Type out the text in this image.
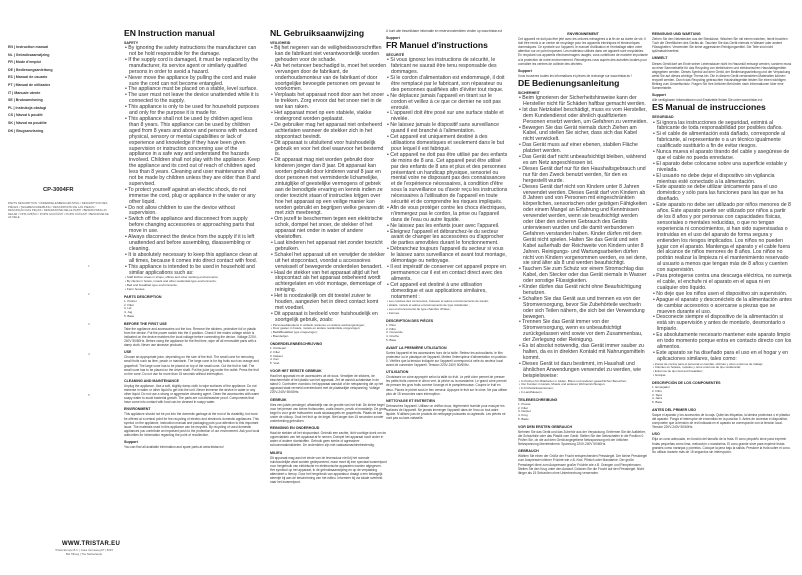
EN | Instruction manual
NL | Gebruiksaanwijzing
FR | Mode d'emploi
DE | Bedienungsanleitung
ES | Manual de usuario
PT | Manual de utilizador
IT | Manuale utente
SE | Bruksanvisning
PL | Instrukcja obsługi
CS | Návod k použití
SK | Návod na použitie
DK | Brugsanvisning
CP-3004FR
PARTS DESCRIPTION / ONDERDELENBESCHRIJVING / DESCRIPTION DES PIÈCES / TEILEBESCHREIBUNG / DESCRIPCIÓN DE LAS PIEZAS / DESCRIÇÃO DAS PEÇAS / DESCRIZIONE DELLE PARTI / BESKRIVNING AV DELAR / OPIS CZĘŚCI / POPIS SOUČÁSTÍ / POPIS SÚČASTÍ / BESKRIVELSE AF DELE
1
2
3
4
5
WWW.TRISTAR.EU
Tristar Europe B.V. | Jules Verneweg 87 | 5015 BH Tilburg | The Netherlands
EN Instruction manual
SAFETY

• By ignoring the safety instructions the manufacturer can not be hold responsible for the damage.

• If the supply cord is damaged, it must be replaced by the manufacturer, its service agent or similarly qualified persons in order to avoid a hazard.

• Never move the appliance by pulling the cord and make sure the cord can not become entangled.

• The appliance must be placed on a stable, level surface.

• The user must not leave the device unattended while it is connected to the supply.

• This appliance is only to be used for household purposes and only for the purpose it is made for.

• This appliance shall not be used by children aged less than 8 years. This appliance can be used by children aged from 8 years and above and persons with reduced physical, sensory or mental capabilities or lack of experience and knowledge if they have been given supervision or instruction concerning use of the appliance in a safe way and understand the hazards involved. Children shall not play with the appliance. Keep the appliance and its cord out of reach of children aged less than 8 years. Cleaning and user maintenance shall not be made by children unless they are older than 8 and supervised.

• To protect yourself against an electric shock, do not immerse the cord, plug or appliance in the water or any other liquid.

• Do not allow children to use the device without supervision.

• Switch off the appliance and disconnect from supply before changing accessories or approaching parts that move in use.

• Always disconnect the device from the supply if it is left unattended and before assembling, disassembling or cleaning.

• It is absolutely necessary to keep this appliance clean at all times, because it comes into direct contact with food.

• This appliance is intended to be used in household and similar applications such as:

• Staff kitchen areas in shops, offices and other working environments;

• By clients in hotels, motels and other residential type environments;

• Bed and breakfast type environments;

• Farm houses.

PARTS DESCRIPTION
1. Pusher
2. Filter
3. Lid
4. Jug
5. Base
BEFORE THE FIRST USE

Take the appliance and accessories out the box. Remove the stickers, protective foil or plastic from the device. Put the power switch into the 0 position. Check if the mains voltage which is indicated on the device matches the local voltage before connecting the device. Voltage 220V-240V 50/60Hz. Before using the appliance for the first time, wipe off all removable parts with a damp cloth. Never use abrasive products.

USE

Choose an appropriate juice, depending on the size of the fruit. The small cone for removing small fruits such as lime, peach or mandarin. The large cone is for big fruits such as orange and grapefruit. The large cone has to be placed on top of the small cone. Cut the fruit in half. The small cone has to be placed on the driver shaft. Put the juice jug under the outlet. Press the fruit on the cone. Do not use for more than 15 seconds without interruption.

CLEANING AND MAINTENANCE

Unplug the appliance. Use a soft, slightly damp cloth to wipe surfaces of the appliance. Do not immerse in water or other liquid to get into the unit. Never immerse the device in water or any other liquid. Do not use a strong or aggressive cleaning agent. Clean the accessories with warm soapy water to avoid bacterial growth. The parts are not dishwasher proof. Components that have come into contact with food can be cleaned in soapy water.

ENVIRONMENT

This appliance should not be put into the domestic garbage at the end of its durability, but must be offered at a central point for the recycling of electric and electronic domestic appliances. This symbol on the appliance, instruction manual and packaging puts your attention to this important issue. The materials used in this appliance can be recycled. By recycling of used domestic appliances you contribute an important push to the protection of our environment. Ask your local authorities for information regarding the point of recollection.

Support

You can find all available information and spare parts at www.tristar.eu!

NL Gebruiksaanwijzing
VEILIGHEID

• Bij het negeren van de veiligheidsvoorschriften kan de fabrikant niet verantwoordelijk worden gehouden voor de schade.

• Als het netsnoer beschadigd is, moet het worden vervangen door de fabrikant, de onderhoudsmonteur van de fabrikant of door soortgelijke bevoegde personen om gevaar te voorkomen.

• Verplaats het apparaat nooit door aan het snoer te trekken. Zorg ervoor dat het snoer niet in de war kan raken.

• Het apparaat moet op een stabiele, vlakke ondergrond worden geplaatst.

• De gebruiker mag het apparaat niet onbeheerd achterlaten wanneer de stekker zich in het stopcontact bevindt.

• Dit apparaat is uitsluitend voor huishoudelijk gebruik en voor het doel waarvoor het bestemd is.

• Dit apparaat mag niet worden gebruikt door kinderen jonger dan 8 jaar. Dit apparaat kan worden gebruikt door kinderen vanaf 8 jaar en door personen met verminderde lichamelijke, zintuiglijke of geestelijke vermogens of gebrek aan de benodigde ervaring en kennis indien ze onder toezicht staan of instructies krijgen over hoe het apparaat op een veilige manier kan worden gebruikt en begrijpen welke gevaren dit met zich meebrengt.

• Om jezelf te beschermen tegen een elektrische schok, dompel het snoer, de stekker of het apparaat niet onder in water of andere vloeistoffen.

• Laat kinderen het apparaat niet zonder toezicht gebruiken.

• Schakel het apparaat uit en verwijder de stekker uit het stopcontact, voordat u accessoires verwisselt of bewegende onderdelen benadert.

• Haal de stekker van het apparaat altijd uit het stopcontact als het apparaat onbeheerd wordt achtergelaten en vóór montage, demontage of reiniging.

• Het is noodzakelijk om dit toestel zuiver te houden, aangezien het in direct contact komt met voedsel.

• Dit apparaat is bedoeld voor huishoudelijk en soortgelijk gebruik, zoals:

• Personeelskeukens in winkels, kantoren en andere werkomgevingen;

• Door gasten in hotels, motels en andere residentiële omgevingen;

• Bed&Breakfast type omgevingen;

• Boerderijen.

ONDERDELENBESCHRIJVING
1. Perslepel
2. Filter
3. Deksel
4. Kan
5. Voet
VOOR HET EERSTE GEBRUIK

Haal het apparaat en de accessoires uit de doos. Verwijder de stickers, de beschermfolie of het plastic van het apparaat. Zet de aan/uit-schakelaar in de stand 0. Controleer voordat u het apparaat aansluit of de netspanning die op het apparaat staat vermeld overeenkomt met de plaatselijke netspanning. Voltage 220V-240V 50/60Hz.

GEBRUIK

Kies een juiste perskegel, afhankelijk van de grootte van het fruit. De kleine kegel voor het persen van kleine fruitsoorten, zoals limoen, perzik of mandarijn. De grote kegel is voor grote fruitsoorten zoals sinaasappels en grapefruits. Plaats de kan onder de uitloop. Druk het fruit op de kegel. Niet langer dan 15 seconden zonder onderbreking gebruiken.

REINIGING EN ONDERHOUD

Haal de stekker uit het stopcontact. Gebruik een zachte, licht vochtige doek om de oppervlakken van het apparaat af te nemen. Dompel het apparaat nooit onder in water of andere vloeistoffen. Gebruik geen sterke of agressieve schoonmaakmiddelen. De onderdelen zijn niet vaatwasmachinebestendig.

MILIEU

Dit apparaat mag aan het einde van de levensduur niet bij het normale huishoudelijke afval worden gedeponeerd, maar moet bij een speciaal inzamelpunt voor hergebruik van elektrische en elektronische apparaten worden afgegeven. Het symbool op het apparaat, in de gebruiksaanwijzing en op de verpakking attendeert u hierop. Door het hergebruik van apparatuur draagt u een belangrijk steentje bij aan de bescherming van het milieu. Informeer bij uw lokale overheid naar het inzamelpunt.

U kunt alle beschikbare informatie en reserveonderdelen vinden op www.tristar.eu!

Support
FR Manuel d'instructions
SÉCURITÉ

• Si vous ignorez les instructions de sécurité, le fabricant ne saurait être tenu responsable des dommages.

• Si le cordon d'alimentation est endommagé, il doit être remplacé par le fabricant, son réparateur ou des personnes qualifiées afin d'éviter tout risque.

• Ne déplacez jamais l'appareil en tirant sur le cordon et veillez à ce que ce dernier ne soit pas enroulé.

• L'appareil doit être posé sur une surface stable et nivelée.

• Ne laissez jamais le dispositif sans surveillance quand il est branché à l'alimentation.

• Cet appareil est uniquement destiné à des utilisations domestiques et seulement dans le but pour lequel il est fabriqué.

• Cet appareil ne doit pas être utilisé par des enfants de moins de 8 ans. Cet appareil peut être utilisé par des enfants de 8 ans et plus et des personnes présentant un handicap physique, sensoriel ou mental voire ne disposant pas des connaissances et de l'expérience nécessaires, à condition d'être sous la surveillance ou d'avoir reçu les instructions nécessaires à l'utilisation de l'appareil en toute sécurité et de comprendre les risques impliqués.

• Afin de vous protéger contre les chocs électriques, n'immergez pas le cordon, la prise ou l'appareil dans de l'eau ou autre liquide.

• Ne laissez pas les enfants jouer avec l'appareil.

• Éteignez l'appareil et débranchez-le du secteur avant de changer les accessoires ou d'approcher de parties amovibles durant le fonctionnement.

• Débranchez toujours l'appareil du secteur si vous le laissez sans surveillance et avant tout montage, démontage ou nettoyage.

• Il est impératif de conserver cet appareil propre en permanence car il est en contact direct avec des aliments.

• Cet appareil est destiné à une utilisation domestique et aux applications similaires, notamment :

• Les cuisines des commerces, bureaux et autres environnements de travail ;

• Hôtels, motels et autres environnements de type résidentiel ;

• Les environnements de type chambre d'hôtes ;

• Fermes.

DESCRIPTION DES PIÈCES
1. Pilon
2. Filtre
3. Couvercle
4. Cruche
5. Base
AVANT LA PREMIÈRE UTILISATION

Sortez l'appareil et les accessoires hors de la boîte. Retirez les autocollants, le film protecteur ou le plastique de l'appareil. Mettez l'interrupteur d'alimentation en position 0. Vérifiez que la tension indiquée sur l'appareil correspond à celle du secteur local avant de connecter l'appareil. Tension 220V-240V 50/60Hz.

UTILISATION

Choisissez un cône approprié selon la taille du fruit. Le petit cône permet de presser les petits fruits comme le citron vert, la pêche ou la mandarine. Le grand cône permet de presser les gros fruits comme l'orange et le pamplemousse. Coupez le fruit en deux. Placez le pichet sous le bec verseur. Appuyez le fruit sur le cône. Ne pas utiliser plus de 15 secondes sans interruption.

NETTOYAGE ET ENTRETIEN

Débranchez l'appareil. Utilisez un chiffon doux, légèrement humide pour essuyer les surfaces de l'appareil. Ne jamais immerger l'appareil dans de l'eau ou tout autre liquide. N'utilisez pas de produits de nettoyage puissants ou agressifs. Les pièces ne vont pas au lave-vaisselle.

ENVIRONNEMENT

Cet appareil ne doit pas être jeté avec les ordures ménagères à la fin de sa durée de vie. Il doit être remis à un centre de recyclage pour les appareils électriques et électroniques domestiques. Ce symbole sur l'appareil, le manuel d'utilisation et l'emballage attire votre attention sur ce point important. Les matériaux utilisés dans cet appareil sont recyclables. En recyclant vos appareils électroménagers usagés, vous contribuez de manière importante à la protection de notre environnement. Renseignez-vous auprès des autorités locales pour connaître les centres de collecte des déchets.

Support

Vous trouverez toutes les informations et pièces de rechange sur www.tristar.eu !

DE Bedienungsanleitung
SICHERHEIT

• Beim Ignorieren der Sicherheitshinweise kann der Hersteller nicht für Schäden haftbar gemacht werden.

• Ist das Netzkabel beschädigt, muss es vom Hersteller, dem Kundendienst oder ähnlich qualifizierten Personen ersetzt werden, um Gefahren zu vermeiden.

• Bewegen Sie das Gerät niemals durch Ziehen am Kabel, und stellen Sie sicher, dass sich das Kabel nicht verwickelt.

• Das Gerät muss auf einer ebenen, stabilen Fläche platziert werden.

• Das Gerät darf nicht unbeaufsichtigt bleiben, während es am Netz angeschlossen ist.

• Dieses Gerät darf nur für den Haushaltsgebrauch und nur für den Zweck benutzt werden, für den es hergestellt wurde.

• Dieses Gerät darf nicht von Kindern unter 8 Jahren verwendet werden. Dieses Gerät darf von Kindern ab 8 Jahren und von Personen mit eingeschränkten körperlichen, sensorischen oder geistigen Fähigkeiten oder einem Mangel an Erfahrung und Kenntnissen verwendet werden, wenn sie beaufsichtigt werden oder über den sicheren Gebrauch des Geräts unterwiesen wurden und die damit verbundenen Gefahren verstanden haben. Kinder dürfen mit dem Gerät nicht spielen. Halten Sie das Gerät und sein Kabel außerhalb der Reichweite von Kindern unter 8 Jahren. Reinigungs- und Wartungsarbeiten dürfen nicht von Kindern vorgenommen werden, es sei denn, sie sind älter als 8 und werden beaufsichtigt.

• Tauchen Sie zum Schutz vor einem Stromschlag das Kabel, den Stecker oder das Gerät niemals in Wasser oder sonstige Flüssigkeiten.

• Kinder dürfen das Gerät nicht ohne Beaufsichtigung benutzen.

• Schalten Sie das Gerät aus und trennen es von der Stromversorgung, bevor Sie Zubehörteile wechseln oder sich Teilen nähern, die sich bei der Verwendung bewegen.

• Trennen Sie das Gerät immer von der Stromversorgung, wenn es unbeaufsichtigt zurückgelassen wird sowie vor dem Zusammenbau, der Zerlegung oder Reinigung.

• Es ist absolut notwendig, das Gerät immer sauber zu halten, da es in direkten Kontakt mit Nahrungsmitteln kommt.

• Dieses Gerät ist dazu bestimmt, im Haushalt und ähnlichen Anwendungen verwendet zu werden, wie beispielsweise:

• In Küchen für Mitarbeiter in Läden, Büros und anderen gewerblichen Bereichen;

• Von Kunden in Hotels, Motels und anderen Wohneinrichtungen;

• In Frühstückspensionen;

• In Landhäusern.

TEILEBESCHREIBUNG
1. Presse
2. Filter
3. Deckel
4. Krug
5. Basis
VOR DEM ERSTEN GEBRAUCH

Nehmen Sie das Gerät und das Zubehör aus der Verpackung. Entfernen Sie die Aufkleber, die Schutzfolie oder das Plastik vom Gerät. Stellen Sie den Netzschalter in die Position 0. Prüfen Sie, ob die auf dem Gerät angegebene Netzspannung mit der örtlichen Netzspannung übereinstimmt. Spannung 220V-240V 50/60Hz.

GEBRAUCH

Wählen Sie einen der Größe der Frucht entsprechenden Presskegel. Der kleine Presskegel zum Auspressen kleiner Früchte wie z.B. Kiwi, Pfirsich oder Mandarine. Der große Presskegel dient zum Auspressen großer Früchte wie z.B. Orangen und Pampelmusen. Stellen Sie den Krug unter den Auslauf. Drücken Sie die Frucht auf den Presskegel. Nicht länger als 15 Sekunden ohne Unterbrechung verwenden.

REINIGUNG UND WARTUNG

Ziehen Sie den Netzstecker aus der Steckdose. Wischen Sie mit einem weichen, leicht feuchten Tuch die Oberflächen des Geräts ab. Tauchen Sie das Gerät niemals in Wasser oder andere Flüssigkeiten. Verwenden Sie keine aggressiven Reinigungsmittel. Die Teile sind nicht spülmaschinenfest.

UMWELT

Dieses Gerät darf am Ende seiner Lebensdauer nicht im Hausmüll entsorgt werden, sondern muss an einer Sammelstelle für das Recycling von elektrischen und elektronischen Haushaltsgeräten abgegeben werden. Dieses Symbol auf dem Gerät, der Bedienungsanleitung und der Verpackung weist Sie auf dieses wichtige Thema hin. Die in diesem Gerät verwendeten Materialien können recycelt werden. Durch das Recycling gebrauchter Haushaltsgeräte leisten Sie einen wichtigen Beitrag zum Umweltschutz. Fragen Sie Ihre örtlichen Behörden nach Informationen über eine Sammelstelle.

Support

Alle verfügbaren Informationen und Ersatzteile finden Sie unter www.tristar.eu!

ES Manual de instrucciones
SEGURIDAD

• Si ignora las instrucciones de seguridad, eximirá al fabricante de toda responsabilidad por posibles daños.

• Si el cable de alimentación está dañado, corresponde al fabricante, al representante o a un técnico igualmente cualificado sustituirlo a fin de evitar riesgos.

• Nunca mueva el aparato tirando del cable y asegúrese de que el cable no pueda enredarse.

• El aparato debe colocarse sobre una superficie estable y nivelada.

• El usuario no debe dejar el dispositivo sin vigilancia mientras esté conectado a la alimentación.

• Este aparato se debe utilizar únicamente para el uso doméstico y sólo para las funciones para las que se ha diseñado.

• Este aparato no debe ser utilizado por niños menores de 8 años. Este aparato puede ser utilizado por niños a partir de los 8 años y por personas con capacidades físicas, sensoriales o mentales reducidas, o que no tengan experiencia ni conocimientos, si han sido supervisadas o instruidas en el uso del aparato de forma segura y entienden los riesgos implicados. Los niños no pueden jugar con el aparato. Mantenga el aparato y el cable fuera del alcance de niños menores de 8 años. Los niños no podrán realizar la limpieza ni el mantenimiento reservado al usuario a menos que tengan más de 8 años y cuenten con supervisión.

• Para protegerse contra una descarga eléctrica, no sumerja el cable, el enchufe ni el aparato en el agua ni en cualquier otro líquido.

• No deje que los niños usen el dispositivo sin supervisión.

• Apague el aparato y desconéctelo de la alimentación antes de cambiar accesorios o acercarse a piezas que se mueven durante el uso.

• Desconecte siempre el dispositivo de la alimentación si está sin supervisión y antes de montarlo, desmontarlo o limpiarlo.

• Es absolutamente necesario mantener este aparato limpio en todo momento porque entra en contacto directo con los alimentos.

• Este aparato se ha diseñado para el uso en el hogar y en aplicaciones similares, tales como:

• Zonas de cocina para el personal en tiendas, oficinas y otros entornos de trabajo;

• Clientes en hoteles, moteles y otros entornos de tipo residencial;

• Entornos de tipo bed and breakfast;

• Granjas.

DESCRIPCIÓN DE LOS COMPONENTES
1. Empujador
2. Filtro
3. Tapa
4. Jarra
5. Base
ANTES DEL PRIMER USO

Saque el aparato y los accesorios de la caja. Quite las etiquetas, la lámina protectora o el plástico del aparato. Ponga el interruptor de encendido en la posición 0. Antes de conectar el dispositivo, compruebe que la tensión de red indicada en el aparato se corresponde con la tensión local. Tensión 220V-240V 50/60Hz.

USO

Elija un cono adecuado, en función del tamaño de la fruta. El cono pequeño sirve para exprimir frutas pequeñas como lima, melocotón o mandarina. El cono grande sirve para exprimir frutas grandes como naranjas y pomelos. Coloque la jarra bajo la salida. Presione la fruta sobre el cono. No utilizar durante más de 15 segundos sin interrupción.
